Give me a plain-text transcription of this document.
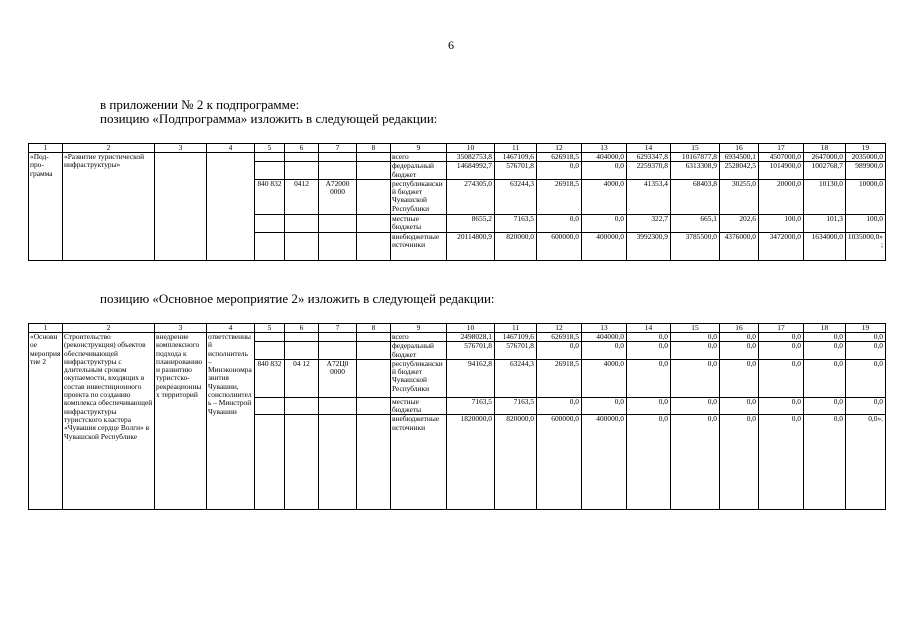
6
в приложении № 2 к подпрограмме:
позицию «Подпрограмма» изложить в следующей редакции:
1	2	3	4	5	6	7	8	9	10	11	12	13	14	15	16	17	18	19
«Под-про-грамма	«Развитие туристической инфраструктуры»							всего	35082753,8	1467109,6	626918,5	404000,0	6293347,8	10167877,8	6934500,1	4507000,0	2647000,0	2035000,0
								федеральный бюджет	14684992,7	576701,8	0,0	0,0	2259370,8	6313308,9	2528042,5	1014900,0	1002768,7	989900,0
				840 832	0412	А72000 0000		республиканский бюджет Чувашской Республики	274305,0	63244,3	26918,5	4000,0	41353,4	68403,8	30255,0	20000,0	10130,0	10000,0
								местные бюджеты	8655,2	7163,5	0,0	0,0	322,7	665,1	202,6	100,0	101,3	100,0
								внебюджетные источники	20114800,9	820000,0	600000,0	400000,0	3992300,9	3785500,0	4376000,0	3472000,0	1634000,0	1035000,0»;
позицию «Основное мероприятие 2» изложить в следующей редакции:
1	2	3	4	5	6	7	8	9	10	11	12	13	14	15	16	17	18	19
«Основное мероприятие 2	Строительство (реконструкция) объектов обеспечивающей инфраструктуры с длительным сроком окупаемости, входящих в состав инвестиционного проекта по созданию комплекса обеспечивающей инфраструктуры туристского кластера «Чувашия сердце Волги» в Чувашской Республике	внедрение комплексного подхода к планированию и развитию туристско-рекреационных территорий	ответственный исполнитель – Минэкономразвития Чувашии, соисполнитель – Минстрой Чувашии					всего	2498028,1	1467109,6	626918,5	404000,0	0,0	0,0	0,0	0,0	0,0	0,0
								федеральный бюджет	576701,8	576701,8	0,0	0,0	0,0	0,0	0,0	0,0	0,0	0,0
				840 832	04 12	А72Ц0 0000		республиканский бюджет Чувашской Республики	94162,8	63244,3	26918,5	4000,0	0,0	0,0	0,0	0,0	0,0	0,0
								местные бюджеты	7163,5	7163,5	0,0	0,0	0,0	0,0	0,0	0,0	0,0	0,0
								внебюджетные источники	1820000,0	820000,0	600000,0	400000,0	0,0	0,0	0,0	0,0	0,0	0,0».
